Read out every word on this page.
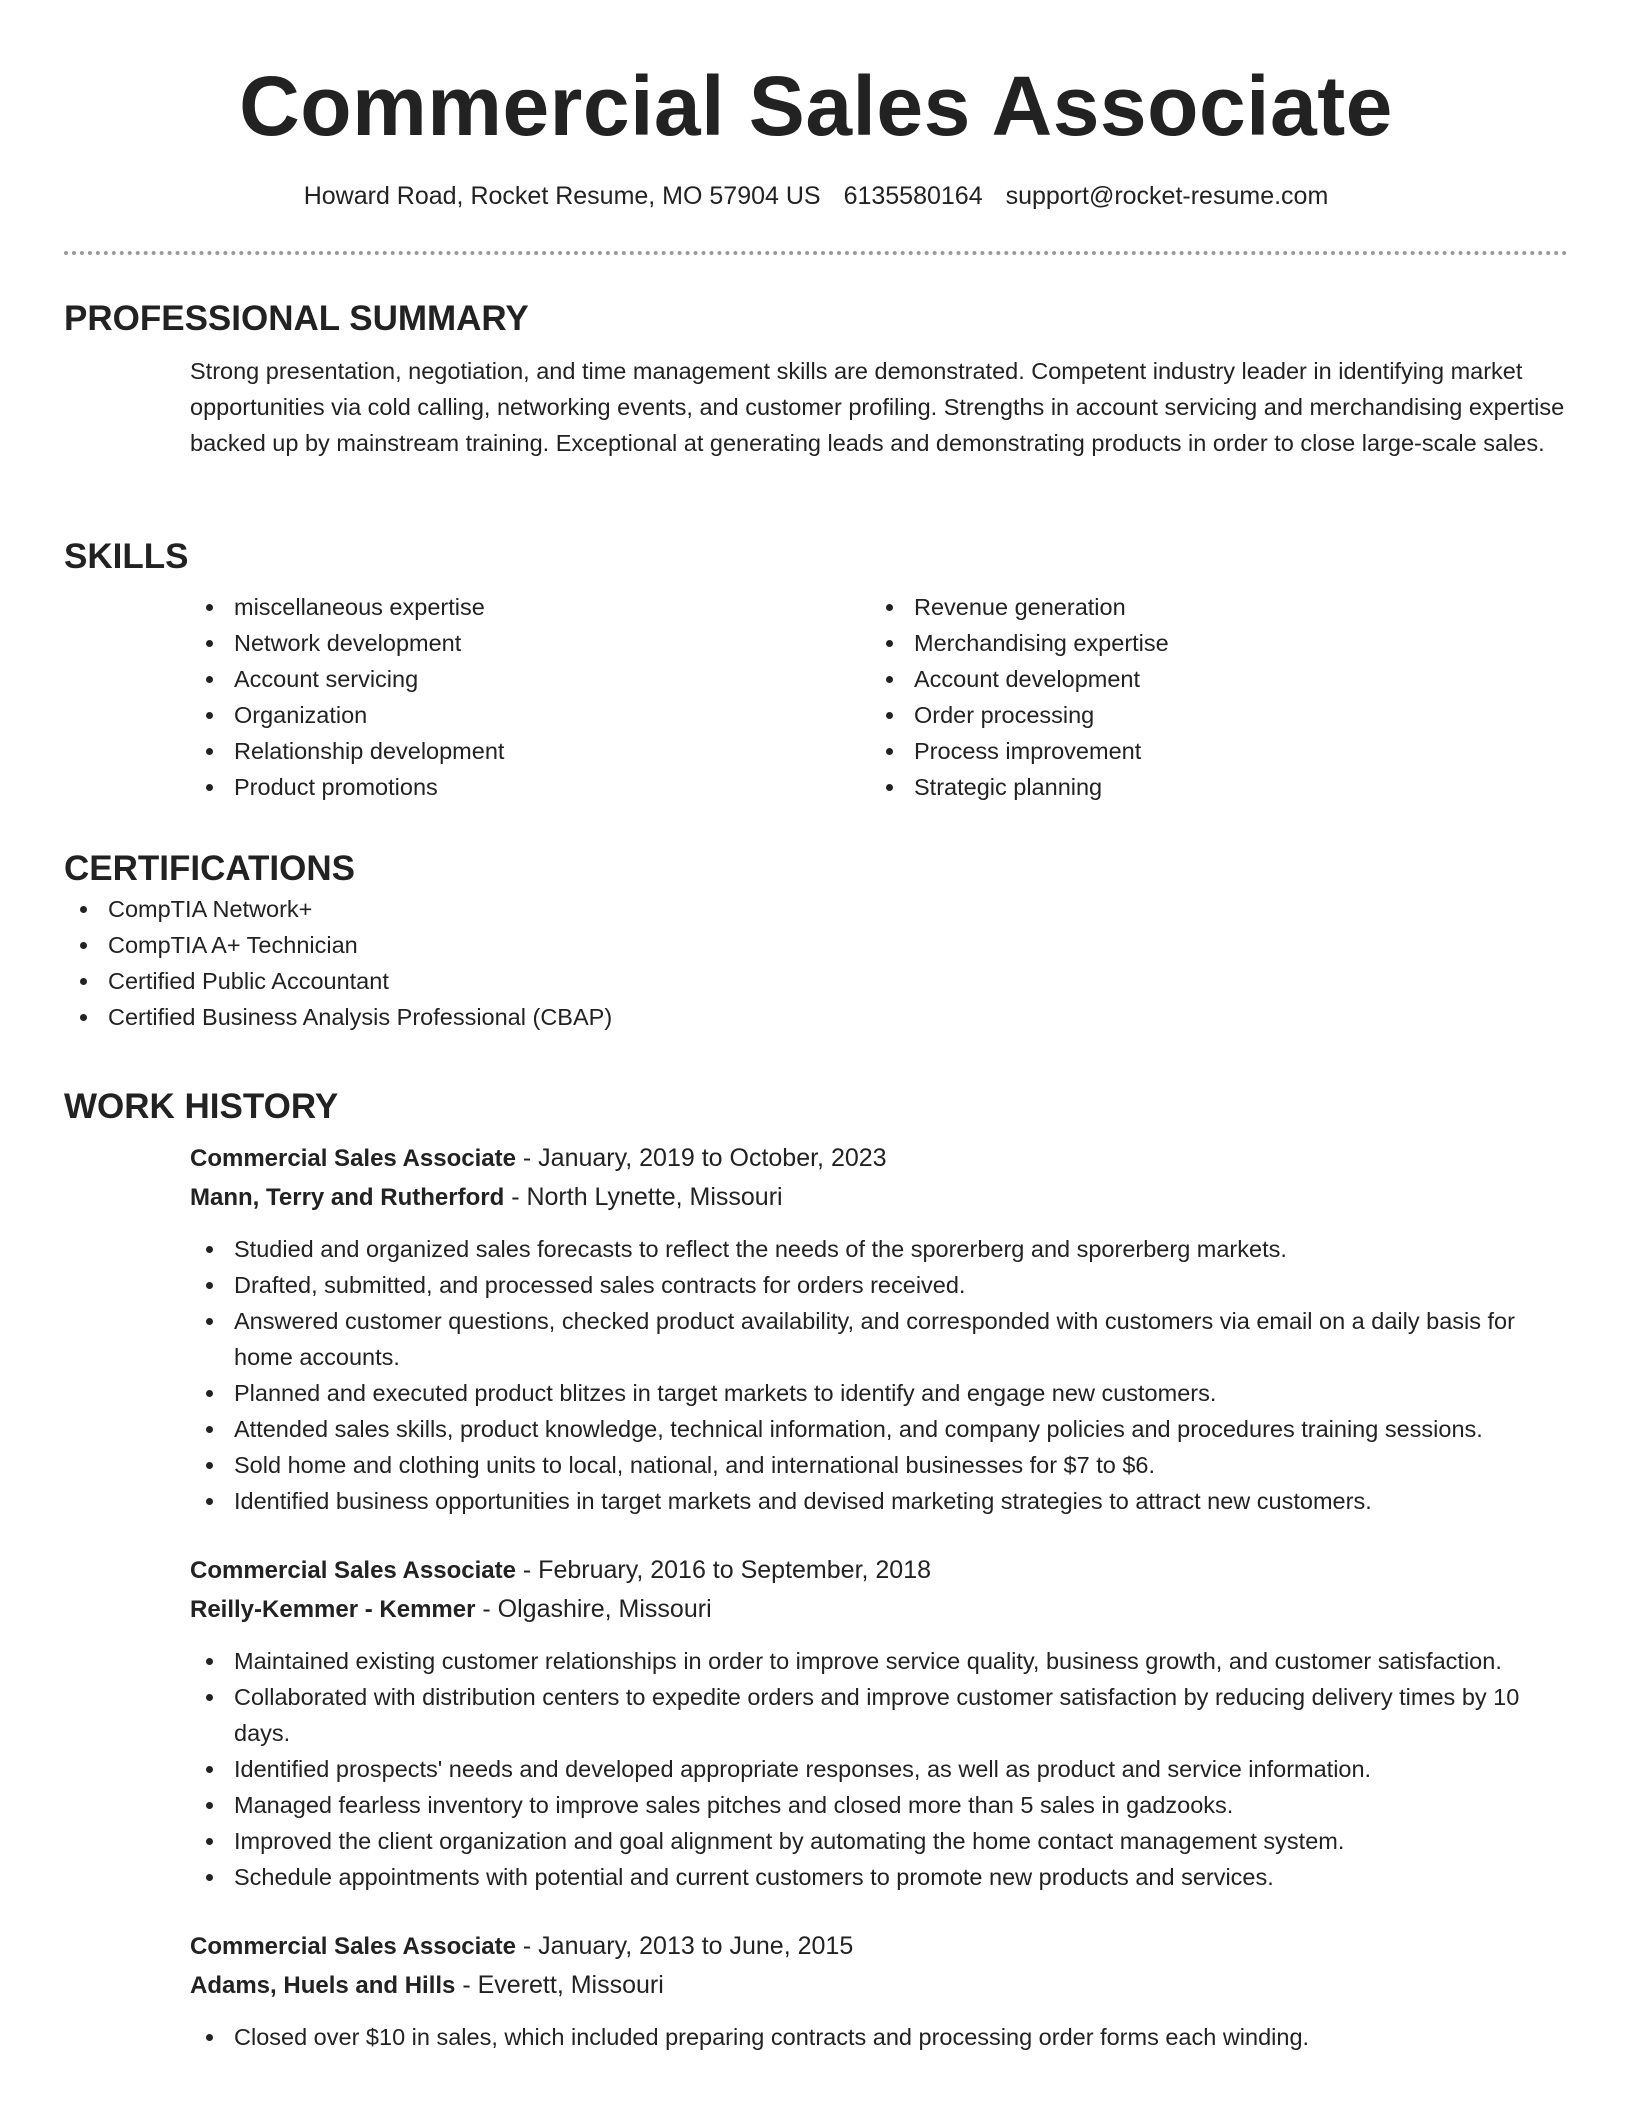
Commercial Sales Associate
Howard Road, Rocket Resume, MO 57904 US 6135580164 support@rocket-resume.com
PROFESSIONAL SUMMARY

Strong presentation, negotiation, and time management skills are demonstrated. Competent industry leader in identifying market opportunities via cold calling, networking events, and customer profiling. Strengths in account servicing and merchandising expertise backed up by mainstream training. Exceptional at generating leads and demonstrating products in order to close large-scale sales.

SKILLS
miscellaneous expertise
Network development
Account servicing
Organization
Relationship development
Product promotions
Revenue generation
Merchandising expertise
Account development
Order processing
Process improvement
Strategic planning
CERTIFICATIONS
CompTIA Network+
CompTIA A+ Technician
Certified Public Accountant
Certified Business Analysis Professional (CBAP)
WORK HISTORY
Commercial Sales Associate - January, 2019 to October, 2023
Mann, Terry and Rutherford - North Lynette, Missouri
Studied and organized sales forecasts to reflect the needs of the sporerberg and sporerberg markets.
Drafted, submitted, and processed sales contracts for orders received.
Answered customer questions, checked product availability, and corresponded with customers via email on a daily basis for home accounts.
Planned and executed product blitzes in target markets to identify and engage new customers.
Attended sales skills, product knowledge, technical information, and company policies and procedures training sessions.
Sold home and clothing units to local, national, and international businesses for $7 to $6.
Identified business opportunities in target markets and devised marketing strategies to attract new customers.
Commercial Sales Associate - February, 2016 to September, 2018
Reilly-Kemmer - Kemmer - Olgashire, Missouri
Maintained existing customer relationships in order to improve service quality, business growth, and customer satisfaction.
Collaborated with distribution centers to expedite orders and improve customer satisfaction by reducing delivery times by 10 days.
Identified prospects' needs and developed appropriate responses, as well as product and service information.
Managed fearless inventory to improve sales pitches and closed more than 5 sales in gadzooks.
Improved the client organization and goal alignment by automating the home contact management system.
Schedule appointments with potential and current customers to promote new products and services.
Commercial Sales Associate - January, 2013 to June, 2015
Adams, Huels and Hills - Everett, Missouri
Closed over $10 in sales, which included preparing contracts and processing order forms each winding.
